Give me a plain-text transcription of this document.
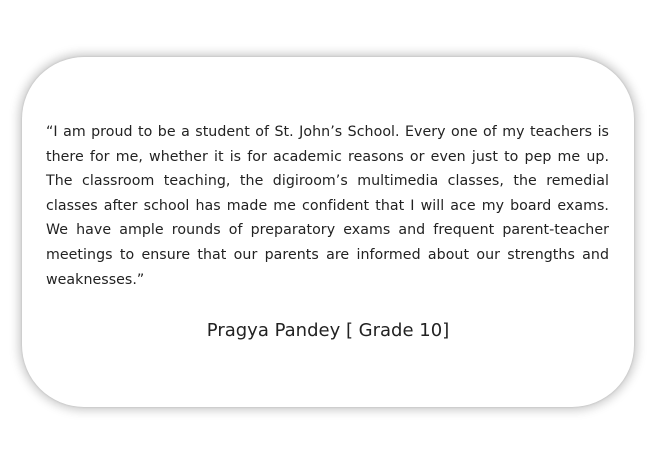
“I am proud to be a student of St. John’s School. Every one of my teachers is there for me, whether it is for academic reasons or even just to pep me up. The classroom teaching, the digiroom’s multimedia classes, the remedial classes after school has made me confident that I will ace my board exams. We have ample rounds of preparatory exams and frequent parent-teacher meetings to ensure that our parents are informed about our strengths and weaknesses.”

Pragya Pandey [ Grade 10]
